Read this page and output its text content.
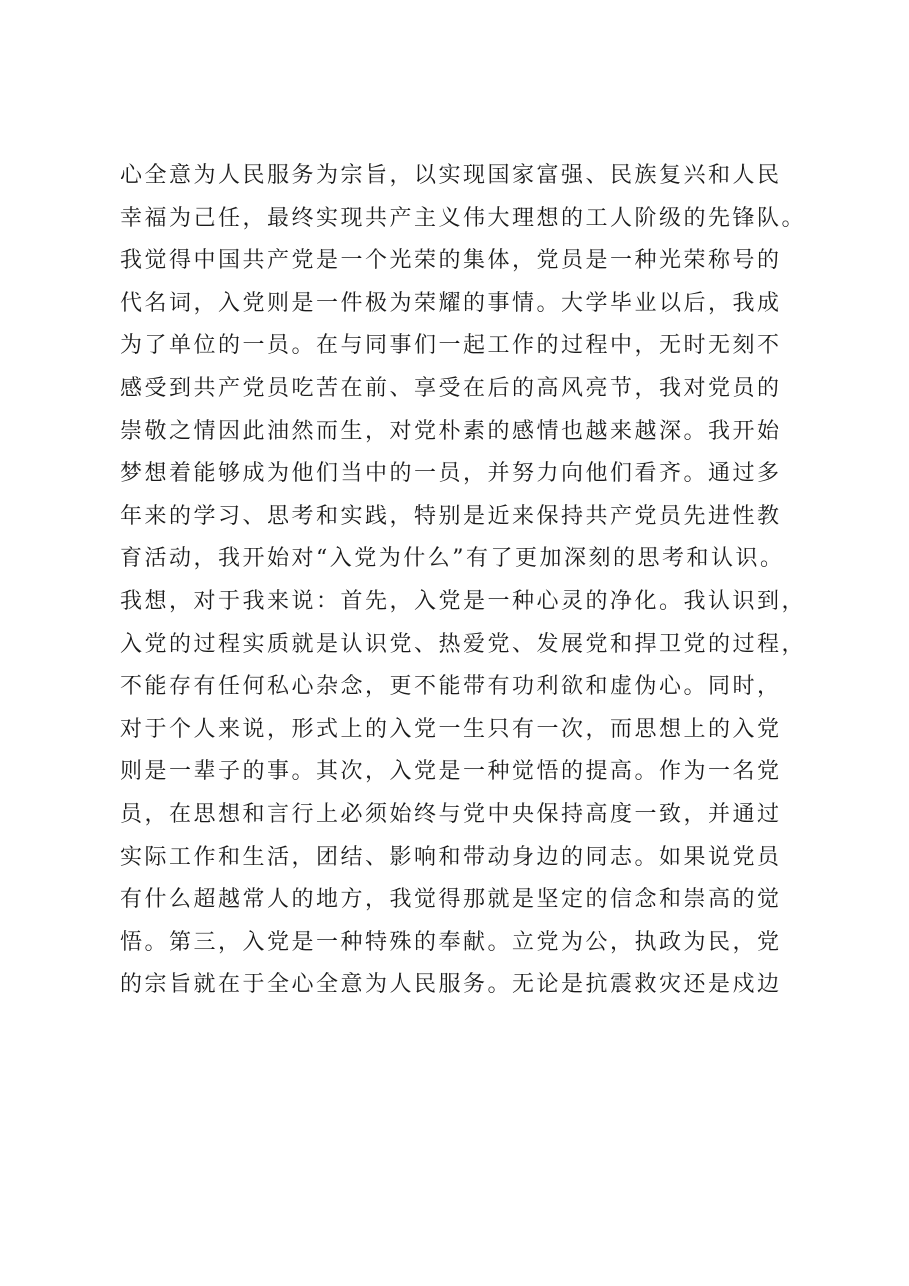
心全意为人民服务为宗旨，以实现国家富强、民族复兴和人民
幸福为己任，最终实现共产主义伟大理想的工人阶级的先锋队。
我觉得中国共产党是一个光荣的集体，党员是一种光荣称号的
代名词，入党则是一件极为荣耀的事情。大学毕业以后，我成
为了单位的一员。在与同事们一起工作的过程中，无时无刻不
感受到共产党员吃苦在前、享受在后的高风亮节，我对党员的
崇敬之情因此油然而生，对党朴素的感情也越来越深。我开始
梦想着能够成为他们当中的一员，并努力向他们看齐。通过多
年来的学习、思考和实践，特别是近来保持共产党员先进性教
育活动，我开始对“入党为什么”有了更加深刻的思考和认识。
我想，对于我来说：首先，入党是一种心灵的净化。我认识到，
入党的过程实质就是认识党、热爱党、发展党和捍卫党的过程，
不能存有任何私心杂念，更不能带有功利欲和虚伪心。同时，
对于个人来说，形式上的入党一生只有一次，而思想上的入党
则是一辈子的事。其次，入党是一种觉悟的提高。作为一名党
员，在思想和言行上必须始终与党中央保持高度一致，并通过
实际工作和生活，团结、影响和带动身边的同志。如果说党员
有什么超越常人的地方，我觉得那就是坚定的信念和崇高的觉
悟。第三，入党是一种特殊的奉献。立党为公，执政为民，党
的宗旨就在于全心全意为人民服务。无论是抗震救灾还是戍边
